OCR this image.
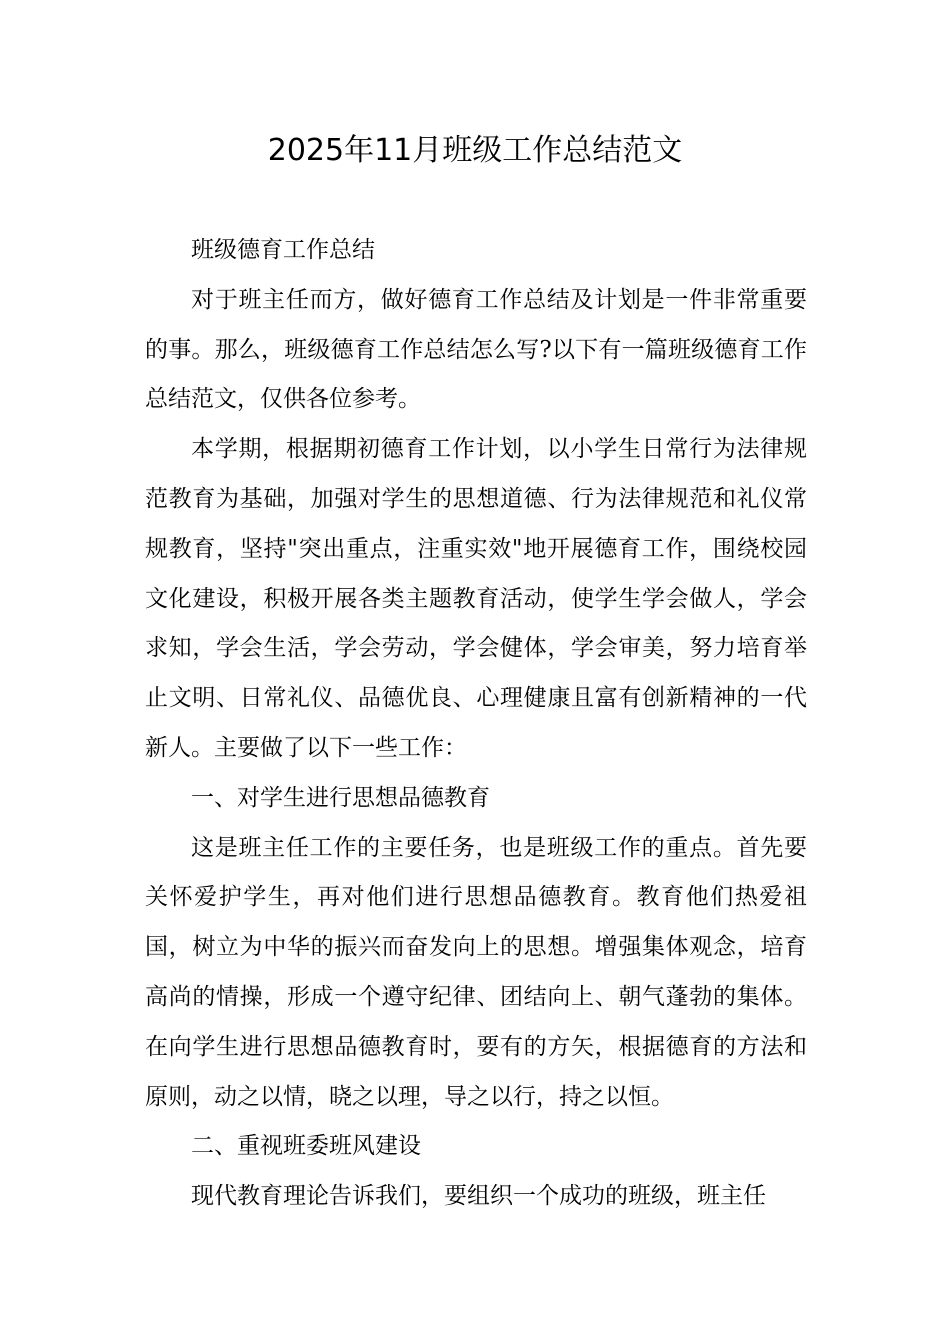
2025年11月班级工作总结范文

班级德育工作总结

对于班主任而方，做好德育工作总结及计划是一件非常重要的事。那么，班级德育工作总结怎么写?以下有一篇班级德育工作总结范文，仅供各位参考。

本学期，根据期初德育工作计划，以小学生日常行为法律规范教育为基础，加强对学生的思想道德、行为法律规范和礼仪常规教育，坚持"突出重点，注重实效"地开展德育工作，围绕校园文化建设，积极开展各类主题教育活动，使学生学会做人，学会求知，学会生活，学会劳动，学会健体，学会审美，努力培育举止文明、日常礼仪、品德优良、心理健康且富有创新精神的一代新人。主要做了以下一些工作：

一、对学生进行思想品德教育

这是班主任工作的主要任务，也是班级工作的重点。首先要关怀爱护学生，再对他们进行思想品德教育。教育他们热爱祖国，树立为中华的振兴而奋发向上的思想。增强集体观念，培育高尚的情操，形成一个遵守纪律、团结向上、朝气蓬勃的集体。在向学生进行思想品德教育时，要有的方矢，根据德育的方法和原则，动之以情，晓之以理，导之以行，持之以恒。

二、重视班委班风建设

现代教育理论告诉我们，要组织一个成功的班级，班主任
